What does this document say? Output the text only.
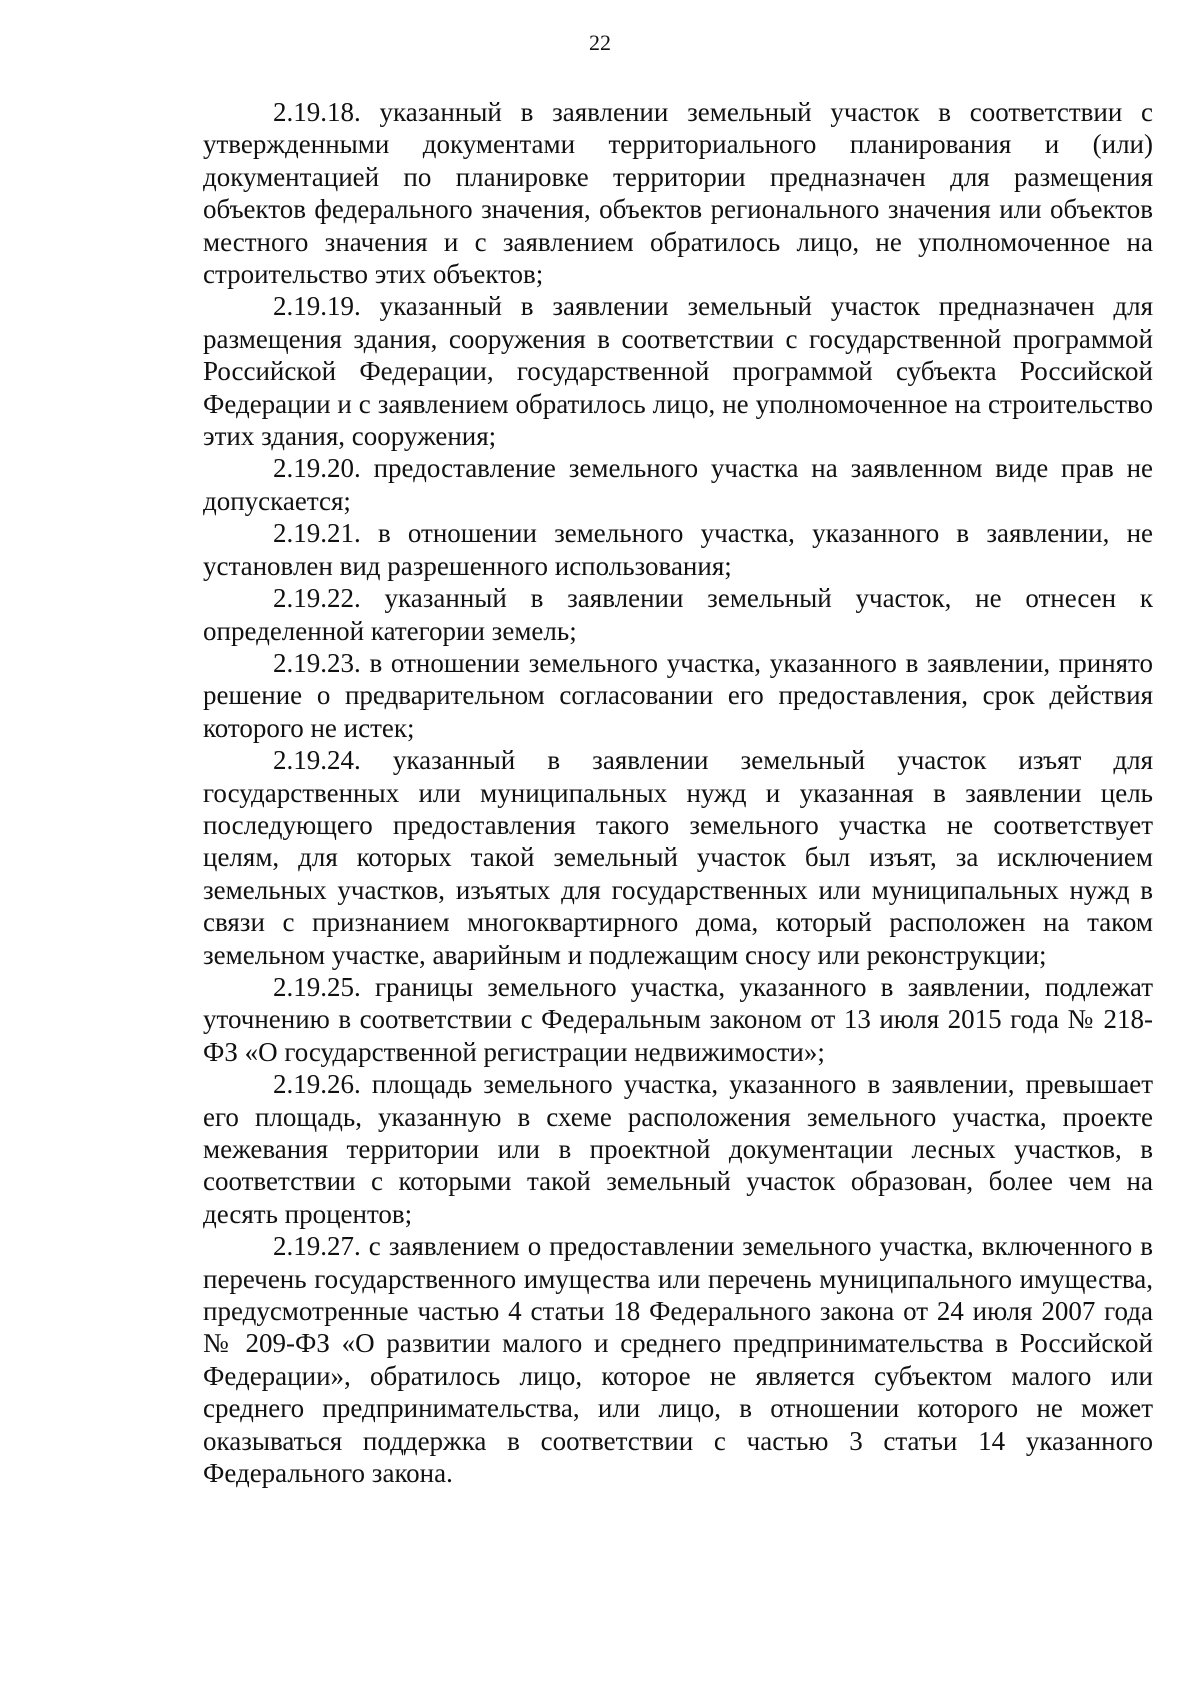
22

2.19.18. указанный в заявлении земельный участок в соответствии с утвержденными документами территориального планирования и (или) документацией по планировке территории предназначен для размещения объектов федерального значения, объектов регионального значения или объектов местного значения и с заявлением обратилось лицо, не уполномоченное на строительство этих объектов;

2.19.19. указанный в заявлении земельный участок предназначен для размещения здания, сооружения в соответствии с государственной программой Российской Федерации, государственной программой субъекта Российской Федерации и с заявлением обратилось лицо, не уполномоченное на строительство этих здания, сооружения;

2.19.20. предоставление земельного участка на заявленном виде прав не допускается;

2.19.21. в отношении земельного участка, указанного в заявлении, не установлен вид разрешенного использования;

2.19.22. указанный в заявлении земельный участок, не отнесен к определенной категории земель;

2.19.23. в отношении земельного участка, указанного в заявлении, принято решение о предварительном согласовании его предоставления, срок действия которого не истек;

2.19.24. указанный в заявлении земельный участок изъят для государственных или муниципальных нужд и указанная в заявлении цель последующего предоставления такого земельного участка не соответствует целям, для которых такой земельный участок был изъят, за исключением земельных участков, изъятых для государственных или муниципальных нужд в связи с признанием многоквартирного дома, который расположен на таком земельном участке, аварийным и подлежащим сносу или реконструкции;

2.19.25. границы земельного участка, указанного в заявлении, подлежат уточнению в соответствии с Федеральным законом от 13 июля 2015 года № 218-ФЗ «О государственной регистрации недвижимости»;

2.19.26. площадь земельного участка, указанного в заявлении, превышает его площадь, указанную в схеме расположения земельного участка, проекте межевания территории или в проектной документации лесных участков, в соответствии с которыми такой земельный участок образован, более чем на десять процентов;

2.19.27. с заявлением о предоставлении земельного участка, включенного в перечень государственного имущества или перечень муниципального имущества, предусмотренные частью 4 статьи 18 Федерального закона от 24 июля 2007 года № 209-ФЗ «О развитии малого и среднего предпринимательства в Российской Федерации», обратилось лицо, которое не является субъектом малого или среднего предпринимательства, или лицо, в отношении которого не может оказываться поддержка в соответствии с частью 3 статьи 14 указанного Федерального закона.
